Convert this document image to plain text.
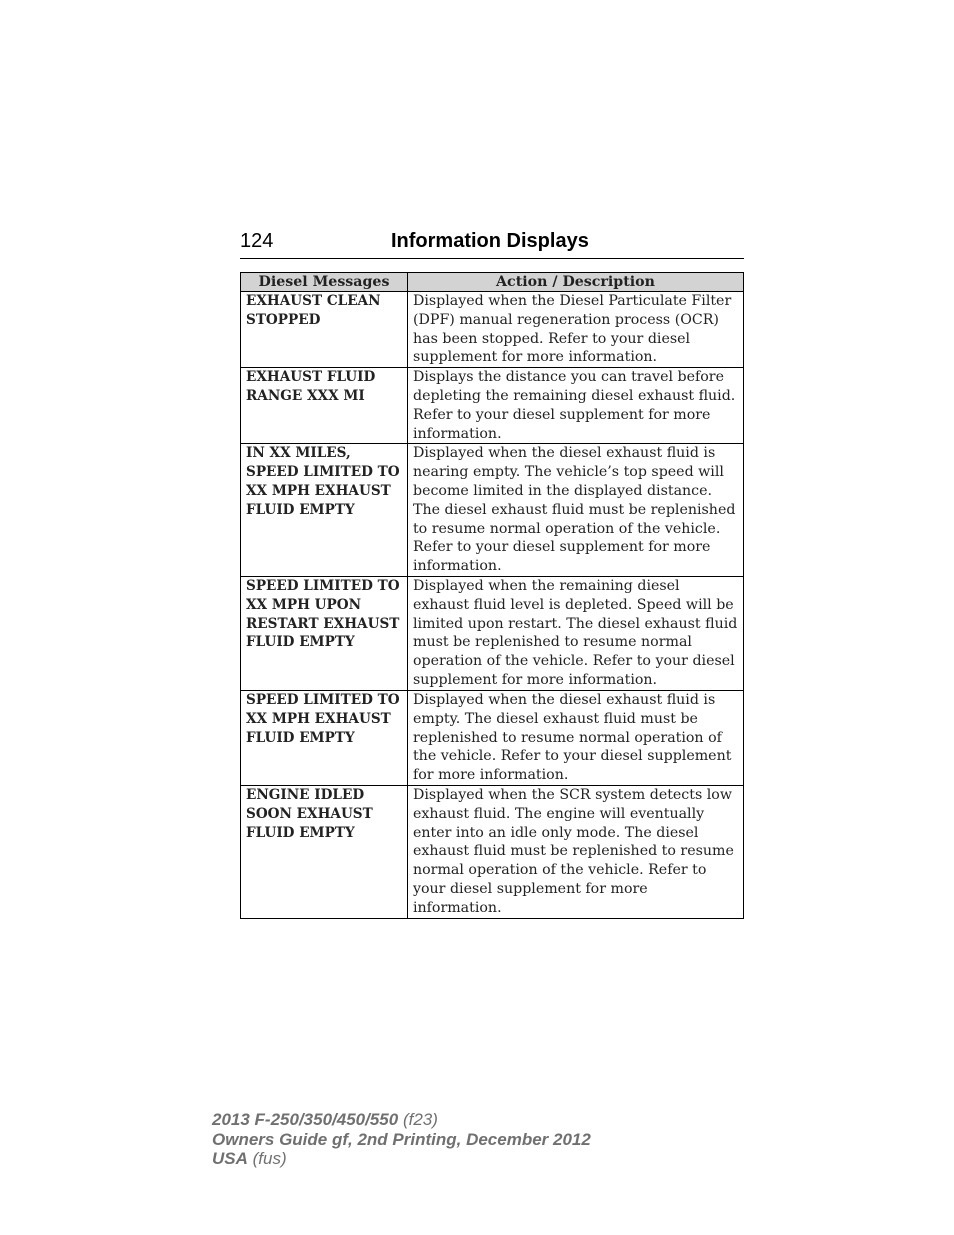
124	Information Displays
Diesel Messages	Action / Description
EXHAUST CLEAN STOPPED	Displayed when the Diesel Particulate Filter (DPF) manual regeneration process (OCR) has been stopped. Refer to your diesel supplement for more information.
EXHAUST FLUID RANGE XXX MI	Displays the distance you can travel before depleting the remaining diesel exhaust fluid. Refer to your diesel supplement for more information.
IN XX MILES, SPEED LIMITED TO XX MPH EXHAUST FLUID EMPTY	Displayed when the diesel exhaust fluid is nearing empty. The vehicle’s top speed will become limited in the displayed distance. The diesel exhaust fluid must be replenished to resume normal operation of the vehicle. Refer to your diesel supplement for more information.
SPEED LIMITED TO XX MPH UPON RESTART EXHAUST FLUID EMPTY	Displayed when the remaining diesel exhaust fluid level is depleted. Speed will be limited upon restart. The diesel exhaust fluid must be replenished to resume normal operation of the vehicle. Refer to your diesel supplement for more information.
SPEED LIMITED TO XX MPH EXHAUST FLUID EMPTY	Displayed when the diesel exhaust fluid is empty. The diesel exhaust fluid must be replenished to resume normal operation of the vehicle. Refer to your diesel supplement for more information.
ENGINE IDLED SOON EXHAUST FLUID EMPTY	Displayed when the SCR system detects low exhaust fluid. The engine will eventually enter into an idle only mode. The diesel exhaust fluid must be replenished to resume normal operation of the vehicle. Refer to your diesel supplement for more information.
2013 F-250/350/450/550 (f23)
Owners Guide gf, 2nd Printing, December 2012
USA (fus)
